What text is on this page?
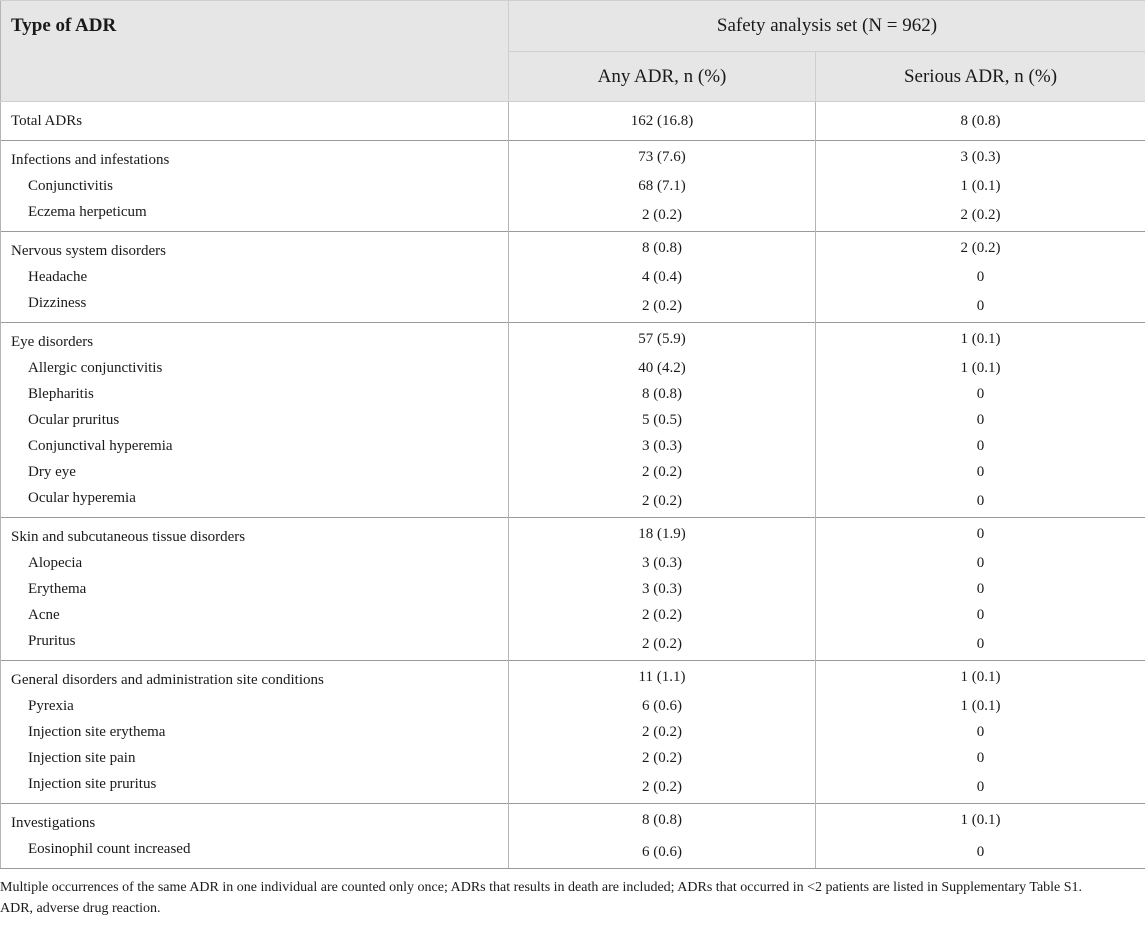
Type of ADR	Safety analysis set (N = 962)	
	Any ADR, n (%)	Serious ADR, n (%)
Total ADRs	162 (16.8)	8 (0.8)
Infections and infestations	73 (7.6)	3 (0.3)
Conjunctivitis	68 (7.1)	1 (0.1)
Eczema herpeticum	2 (0.2)	2 (0.2)
Nervous system disorders	8 (0.8)	2 (0.2)
Headache	4 (0.4)	0
Dizziness	2 (0.2)	0
Eye disorders	57 (5.9)	1 (0.1)
Allergic conjunctivitis	40 (4.2)	1 (0.1)
Blepharitis	8 (0.8)	0
Ocular pruritus	5 (0.5)	0
Conjunctival hyperemia	3 (0.3)	0
Dry eye	2 (0.2)	0
Ocular hyperemia	2 (0.2)	0
Skin and subcutaneous tissue disorders	18 (1.9)	0
Alopecia	3 (0.3)	0
Erythema	3 (0.3)	0
Acne	2 (0.2)	0
Pruritus	2 (0.2)	0
General disorders and administration site conditions	11 (1.1)	1 (0.1)
Pyrexia	6 (0.6)	1 (0.1)
Injection site erythema	2 (0.2)	0
Injection site pain	2 (0.2)	0
Injection site pruritus	2 (0.2)	0
Investigations	8 (0.8)	1 (0.1)
Eosinophil count increased	6 (0.6)	0

Multiple occurrences of the same ADR in one individual are counted only once; ADRs that results in death are included; ADRs that occurred in <2 patients are listed in Supplementary Table S1.

ADR, adverse drug reaction.
